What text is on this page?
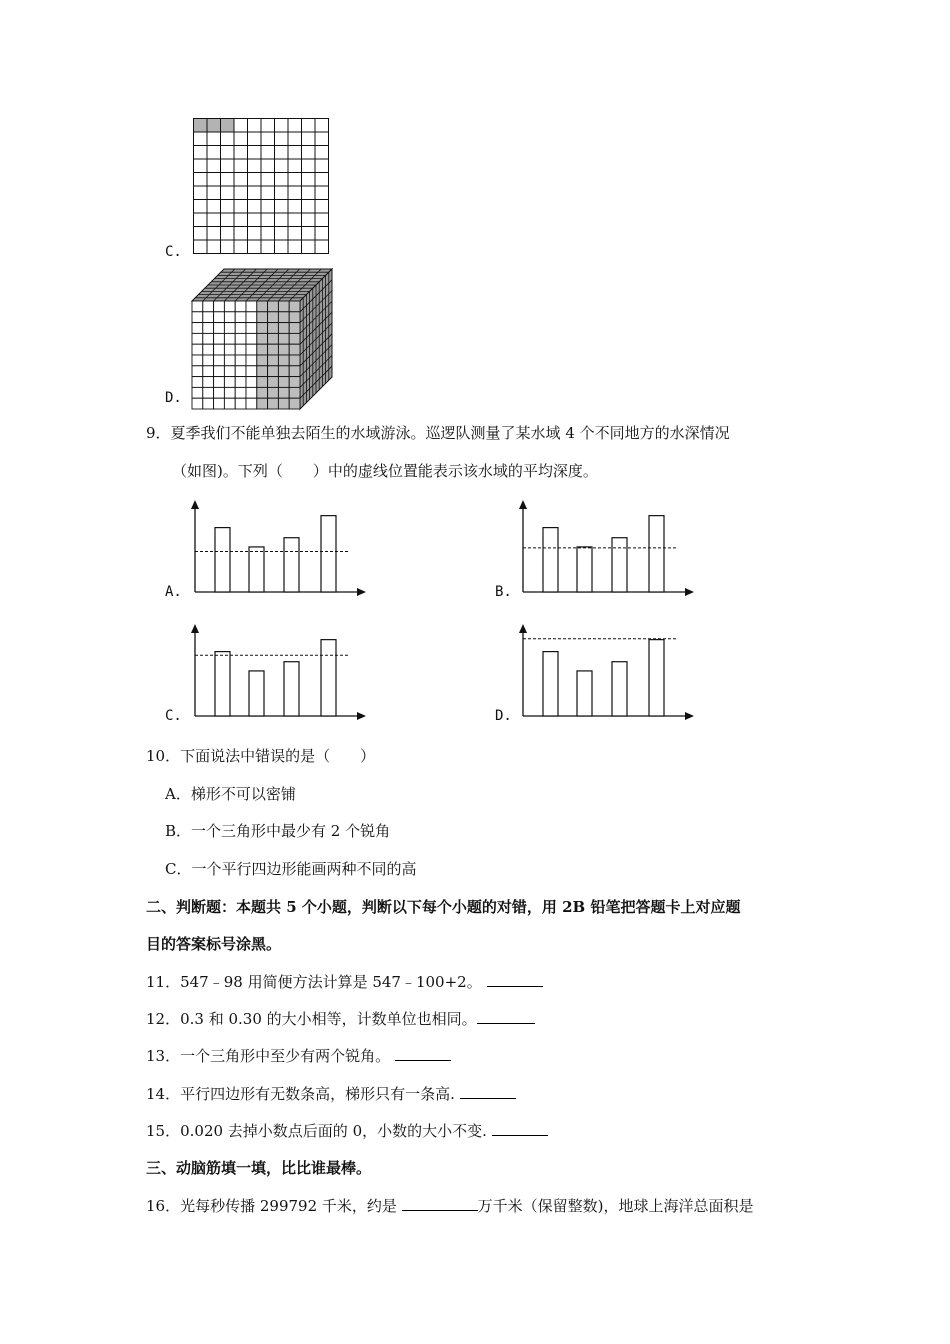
C.
D.
9．夏季我们不能单独去陌生的水域游泳。巡逻队测量了某水域 4 个不同地方的水深情况
（如图)。下列（　　）中的虚线位置能表示该水域的平均深度。
A.	B.
C.	D.
10．下面说法中错误的是（　　）
A．梯形不可以密铺
B．一个三角形中最少有 2 个锐角
C．一个平行四边形能画两种不同的高
二、判断题：本题共 5 个小题，判断以下每个小题的对错，用 2B 铅笔把答题卡上对应题
目的答案标号涂黑。
11．547﹣98 用简便方法计算是 547﹣100+2。
12．0.3 和 0.30 的大小相等，计数单位也相同。
13．一个三角形中至少有两个锐角。
14．平行四边形有无数条高，梯形只有一条高.
15．0.020 去掉小数点后面的 0，小数的大小不变.
三、动脑筋填一填，比比谁最棒。
16．光每秒传播 299792 千米，约是	万千米（保留整数)，地球上海洋总面积是
